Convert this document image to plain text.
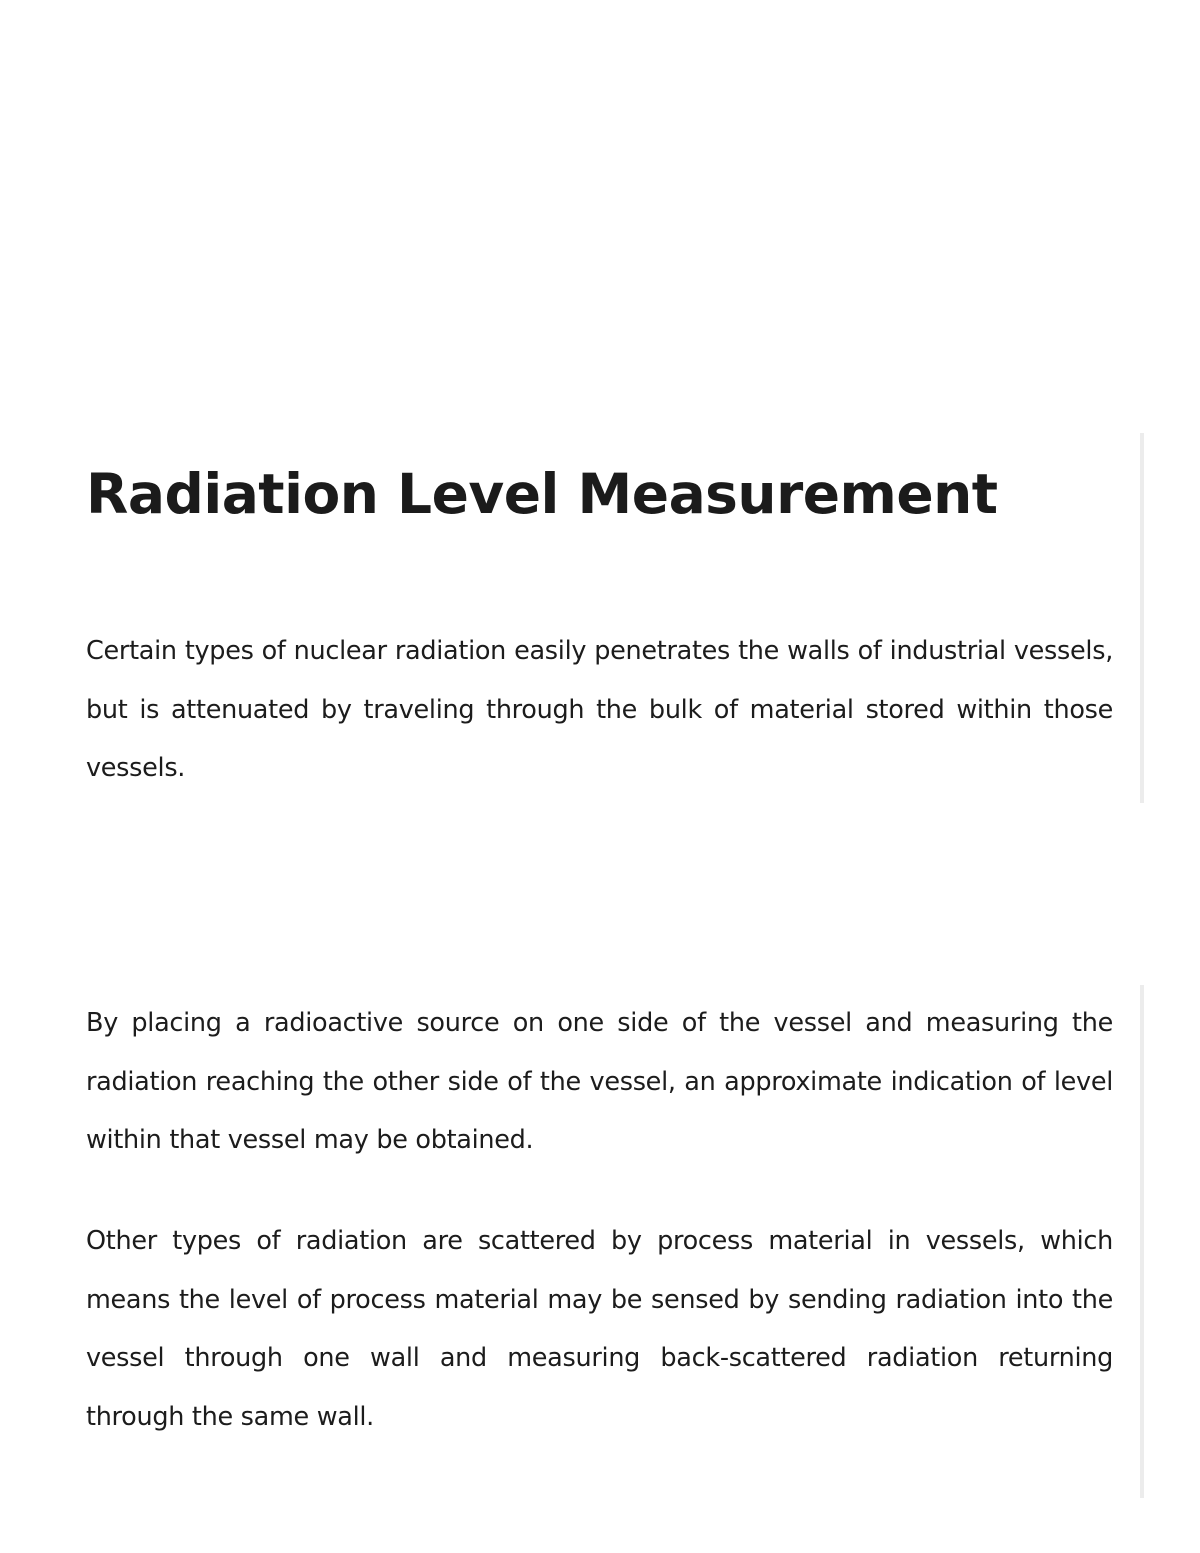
Radiation Level Measurement

Certain types of nuclear radiation easily penetrates the walls of industrial vessels, but is attenuated by traveling through the bulk of material stored within those vessels.

By placing a radioactive source on one side of the vessel and measuring the radiation reaching the other side of the vessel, an approximate indication of level within that vessel may be obtained.

Other types of radiation are scattered by process material in vessels, which means the level of process material may be sensed by sending radiation into the vessel through one wall and measuring back-scattered radiation returning through the same wall.
